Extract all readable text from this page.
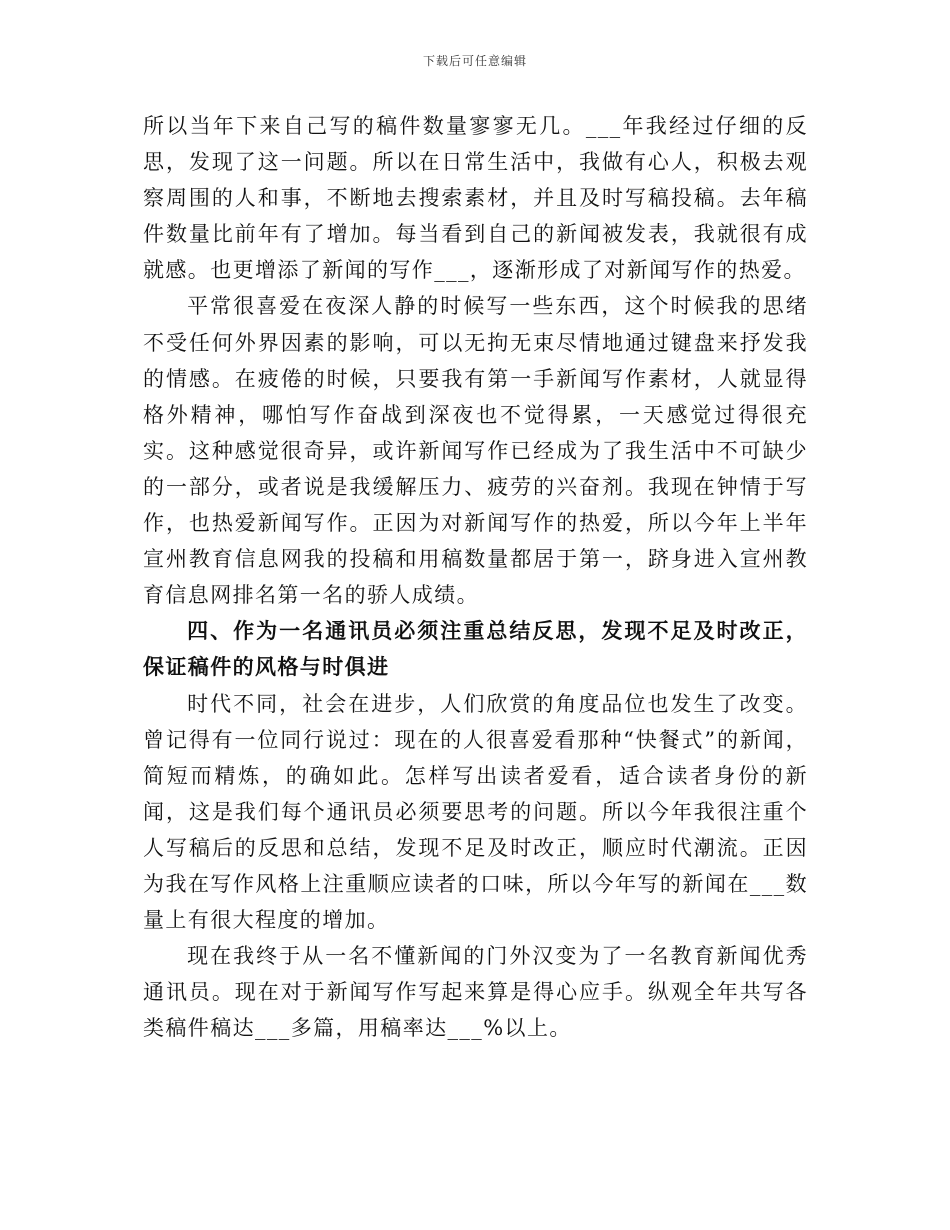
下载后可任意编辑

所以当年下来自己写的稿件数量寥寥无几。___年我经过仔细的反思，发现了这一问题。所以在日常生活中，我做有心人，积极去观察周围的人和事，不断地去搜索素材，并且及时写稿投稿。去年稿件数量比前年有了增加。每当看到自己的新闻被发表，我就很有成就感。也更增添了新闻的写作___，逐渐形成了对新闻写作的热爱。

平常很喜爱在夜深人静的时候写一些东西，这个时候我的思绪不受任何外界因素的影响，可以无拘无束尽情地通过键盘来抒发我的情感。在疲倦的时候，只要我有第一手新闻写作素材，人就显得格外精神，哪怕写作奋战到深夜也不觉得累，一天感觉过得很充实。这种感觉很奇异，或许新闻写作已经成为了我生活中不可缺少的一部分，或者说是我缓解压力、疲劳的兴奋剂。我现在钟情于写作，也热爱新闻写作。正因为对新闻写作的热爱，所以今年上半年宣州教育信息网我的投稿和用稿数量都居于第一，跻身进入宣州教育信息网排名第一名的骄人成绩。

四、作为一名通讯员必须注重总结反思，发现不足及时改正，保证稿件的风格与时俱进

时代不同，社会在进步，人们欣赏的角度品位也发生了改变。曾记得有一位同行说过：现在的人很喜爱看那种“快餐式”的新闻，简短而精炼，的确如此。怎样写出读者爱看，适合读者身份的新闻，这是我们每个通讯员必须要思考的问题。所以今年我很注重个人写稿后的反思和总结，发现不足及时改正，顺应时代潮流。正因为我在写作风格上注重顺应读者的口味，所以今年写的新闻在___数量上有很大程度的增加。

现在我终于从一名不懂新闻的门外汉变为了一名教育新闻优秀通讯员。现在对于新闻写作写起来算是得心应手。纵观全年共写各类稿件稿达___多篇，用稿率达___%以上。
